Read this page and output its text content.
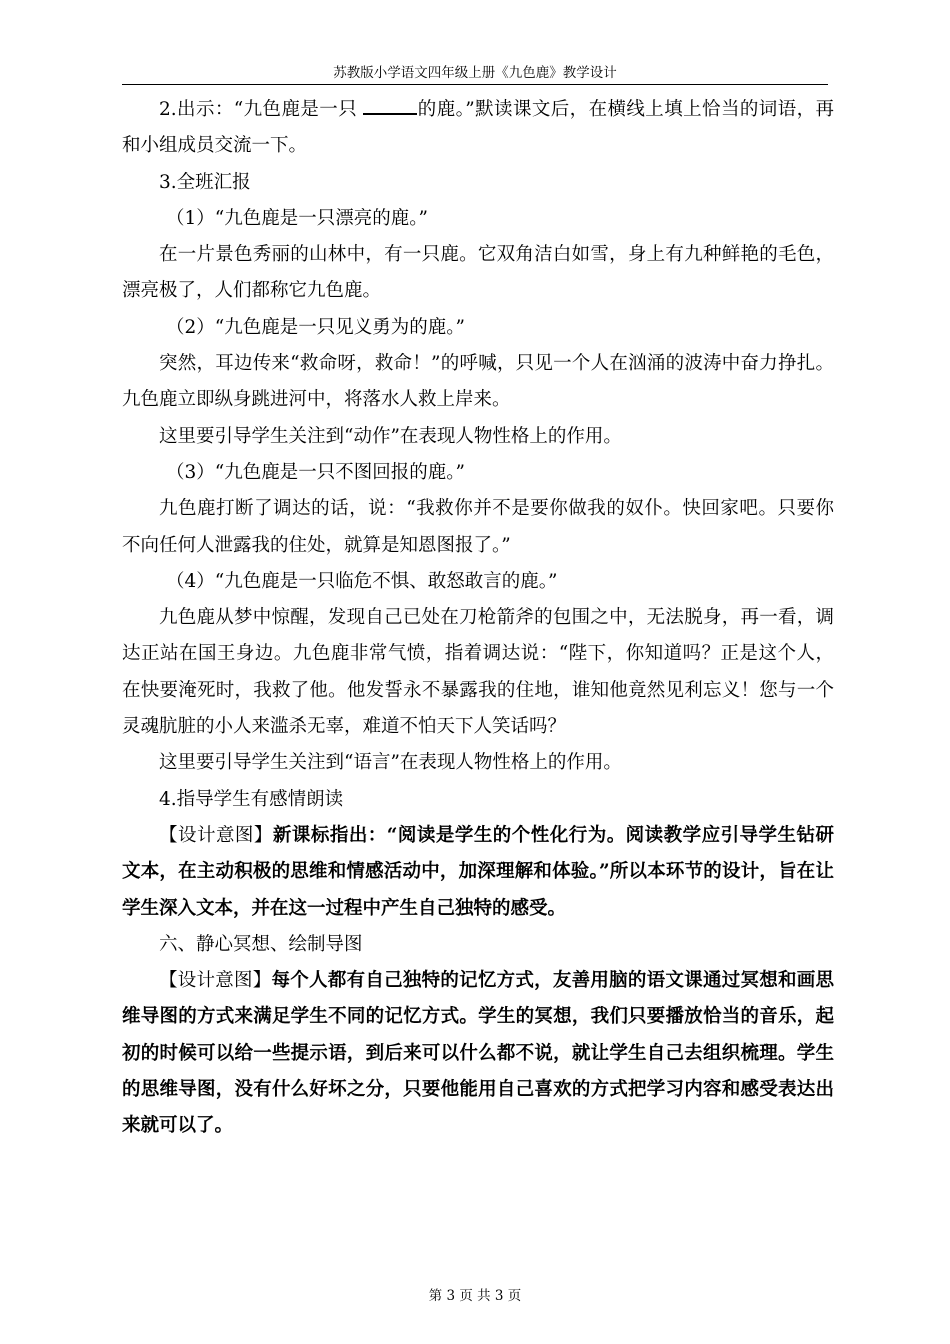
苏教版小学语文四年级上册《九色鹿》教学设计

2.出示：“九色鹿是一只	的鹿。”默读课文后，在横线上填上恰当的词语，再和小组成员交流一下。

3.全班汇报

（1）“九色鹿是一只漂亮的鹿。”

在一片景色秀丽的山林中，有一只鹿。它双角洁白如雪，身上有九种鲜艳的毛色，漂亮极了，人们都称它九色鹿。

（2）“九色鹿是一只见义勇为的鹿。”

突然，耳边传来“救命呀，救命！”的呼喊，只见一个人在汹涌的波涛中奋力挣扎。九色鹿立即纵身跳进河中，将落水人救上岸来。

这里要引导学生关注到“动作”在表现人物性格上的作用。

（3）“九色鹿是一只不图回报的鹿。”

九色鹿打断了调达的话，说：“我救你并不是要你做我的奴仆。快回家吧。只要你不向任何人泄露我的住处，就算是知恩图报了。”

（4）“九色鹿是一只临危不惧、敢怒敢言的鹿。”

九色鹿从梦中惊醒，发现自己已处在刀枪箭斧的包围之中，无法脱身，再一看，调达正站在国王身边。九色鹿非常气愤，指着调达说：“陛下，你知道吗？正是这个人，在快要淹死时，我救了他。他发誓永不暴露我的住地，谁知他竟然见利忘义！您与一个灵魂肮脏的小人来滥杀无辜，难道不怕天下人笑话吗？

这里要引导学生关注到“语言”在表现人物性格上的作用。

4.指导学生有感情朗读

【设计意图】新课标指出：“阅读是学生的个性化行为。阅读教学应引导学生钻研文本，在主动积极的思维和情感活动中，加深理解和体验。”所以本环节的设计，旨在让学生深入文本，并在这一过程中产生自己独特的感受。

六、静心冥想、绘制导图

【设计意图】每个人都有自己独特的记忆方式，友善用脑的语文课通过冥想和画思维导图的方式来满足学生不同的记忆方式。学生的冥想，我们只要播放恰当的音乐，起初的时候可以给一些提示语，到后来可以什么都不说，就让学生自己去组织梳理。学生的思维导图，没有什么好坏之分，只要他能用自己喜欢的方式把学习内容和感受表达出来就可以了。

第 3 页 共 3 页
